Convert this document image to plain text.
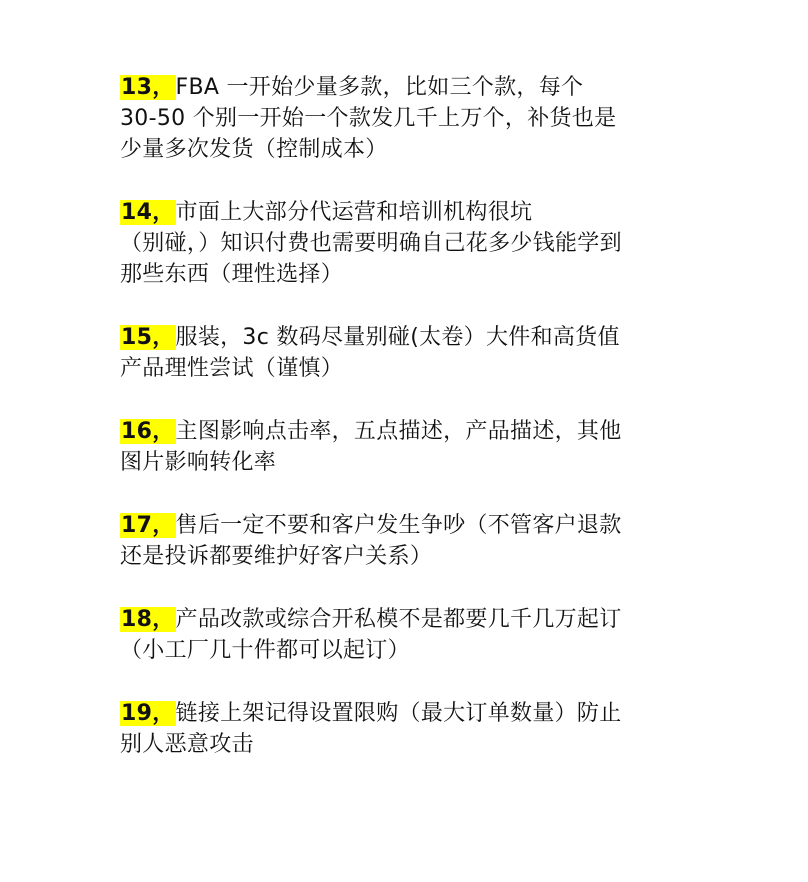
13，FBA 一开始少量多款，比如三个款，每个
30-50 个别一开始一个款发几千上万个，补货也是
少量多次发货（控制成本）
14，市面上大部分代运营和培训机构很坑
（别碰，）知识付费也需要明确自己花多少钱能学到
那些东西（理性选择）
15，服装，3c 数码尽量别碰(太卷）大件和高货值
产品理性尝试（谨慎）
16，主图影响点击率，五点描述，产品描述，其他
图片影响转化率
17，售后一定不要和客户发生争吵（不管客户退款
还是投诉都要维护好客户关系）
18，产品改款或综合开私模不是都要几千几万起订
（小工厂几十件都可以起订）
19，链接上架记得设置限购（最大订单数量）防止
别人恶意攻击
